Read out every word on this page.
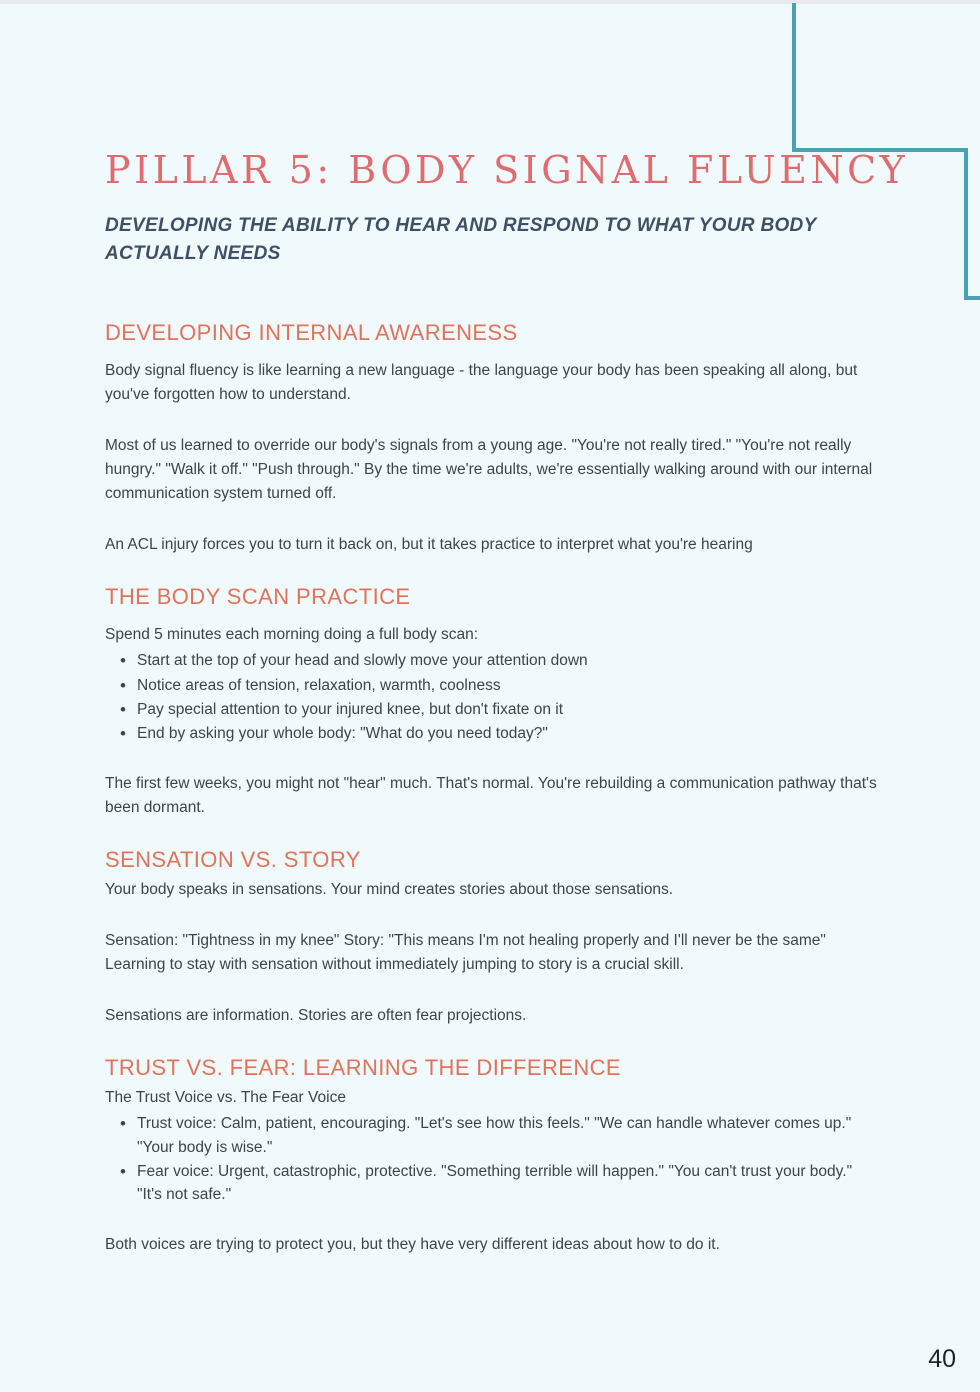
PILLAR 5: BODY SIGNAL FLUENCY

DEVELOPING THE ABILITY TO HEAR AND RESPOND TO WHAT YOUR BODY ACTUALLY NEEDS

DEVELOPING INTERNAL AWARENESS

Body signal fluency is like learning a new language - the language your body has been speaking all along, but you've forgotten how to understand.

Most of us learned to override our body's signals from a young age. "You're not really tired." "You're not really hungry." "Walk it off." "Push through." By the time we're adults, we're essentially walking around with our internal communication system turned off.

An ACL injury forces you to turn it back on, but it takes practice to interpret what you're hearing

THE BODY SCAN PRACTICE

Spend 5 minutes each morning doing a full body scan:

• Start at the top of your head and slowly move your attention down
• Notice areas of tension, relaxation, warmth, coolness
• Pay special attention to your injured knee, but don't fixate on it
• End by asking your whole body: "What do you need today?"

The first few weeks, you might not "hear" much. That's normal. You're rebuilding a communication pathway that's been dormant.

SENSATION VS. STORY

Your body speaks in sensations. Your mind creates stories about those sensations.

Sensation: "Tightness in my knee" Story: "This means I'm not healing properly and I'll never be the same" Learning to stay with sensation without immediately jumping to story is a crucial skill.

Sensations are information. Stories are often fear projections.

TRUST VS. FEAR: LEARNING THE DIFFERENCE

The Trust Voice vs. The Fear Voice

• Trust voice: Calm, patient, encouraging. "Let's see how this feels." "We can handle whatever comes up." "Your body is wise."
• Fear voice: Urgent, catastrophic, protective. "Something terrible will happen." "You can't trust your body." "It's not safe."

Both voices are trying to protect you, but they have very different ideas about how to do it.

40
